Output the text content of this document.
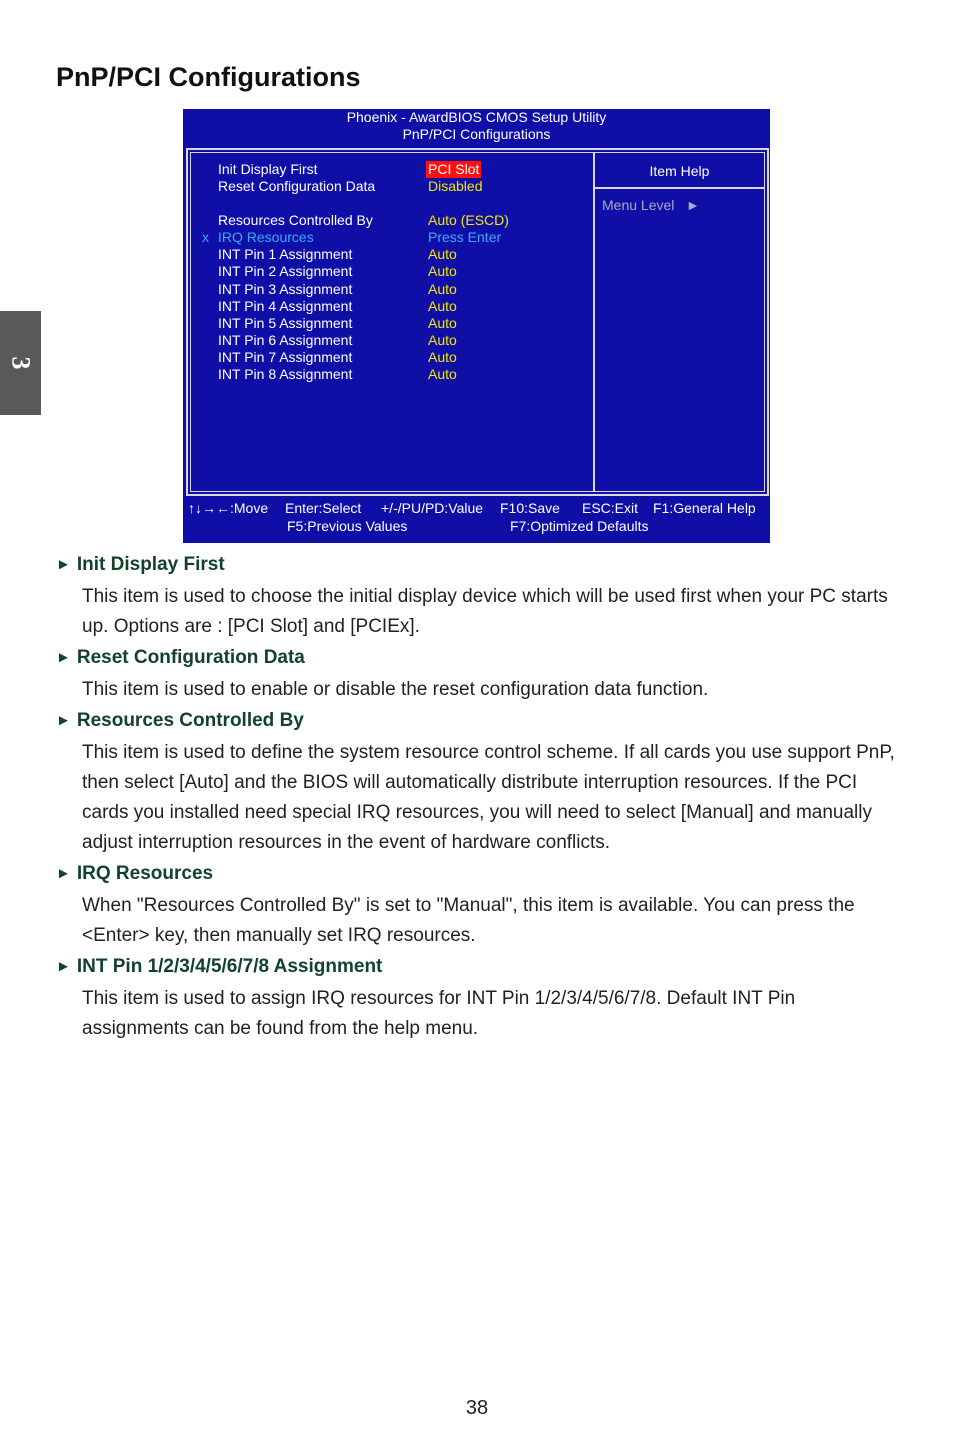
PnP/PCI Configurations
3
Phoenix - AwardBIOS CMOS Setup Utility
PnP/PCI Configurations
Item Help
Menu Level   ►
Init Display First	PCI Slot
Reset Configuration Data	Disabled
Resources Controlled By	Auto (ESCD)
x IRQ Resources	Press Enter
INT Pin 1 Assignment	Auto
INT Pin 2 Assignment	Auto
INT Pin 3 Assignment	Auto
INT Pin 4 Assignment	Auto
INT Pin 5 Assignment	Auto
INT Pin 6 Assignment	Auto
INT Pin 7 Assignment	Auto
INT Pin 8 Assignment	Auto
↑↓→←:Move Enter:Select +/-/PU/PD:Value F10:Save ESC:Exit F1:General Help
F5:Previous Values	F7:Optimized Defaults
► Init Display First

This item is used to choose the initial display device which will be used first when your PC starts up. Options are : [PCI Slot] and [PCIEx].

► Reset Configuration Data

This item is used to enable or disable the reset configuration data function.

► Resources Controlled By

This item is used to define the system resource control scheme. If all cards you use support PnP, then select [Auto] and the BIOS will automatically distribute interruption resources. If the PCI cards you installed need special IRQ resources, you will need to select [Manual] and manually adjust interruption resources in the event of hardware conflicts.

► IRQ Resources

When "Resources Controlled By" is set to "Manual", this item is available. You can press the <Enter> key, then manually set IRQ resources.

► INT Pin 1/2/3/4/5/6/7/8 Assignment

This item is used to assign IRQ resources for INT Pin 1/2/3/4/5/6/7/8. Default INT Pin assignments can be found from the help menu.

38
